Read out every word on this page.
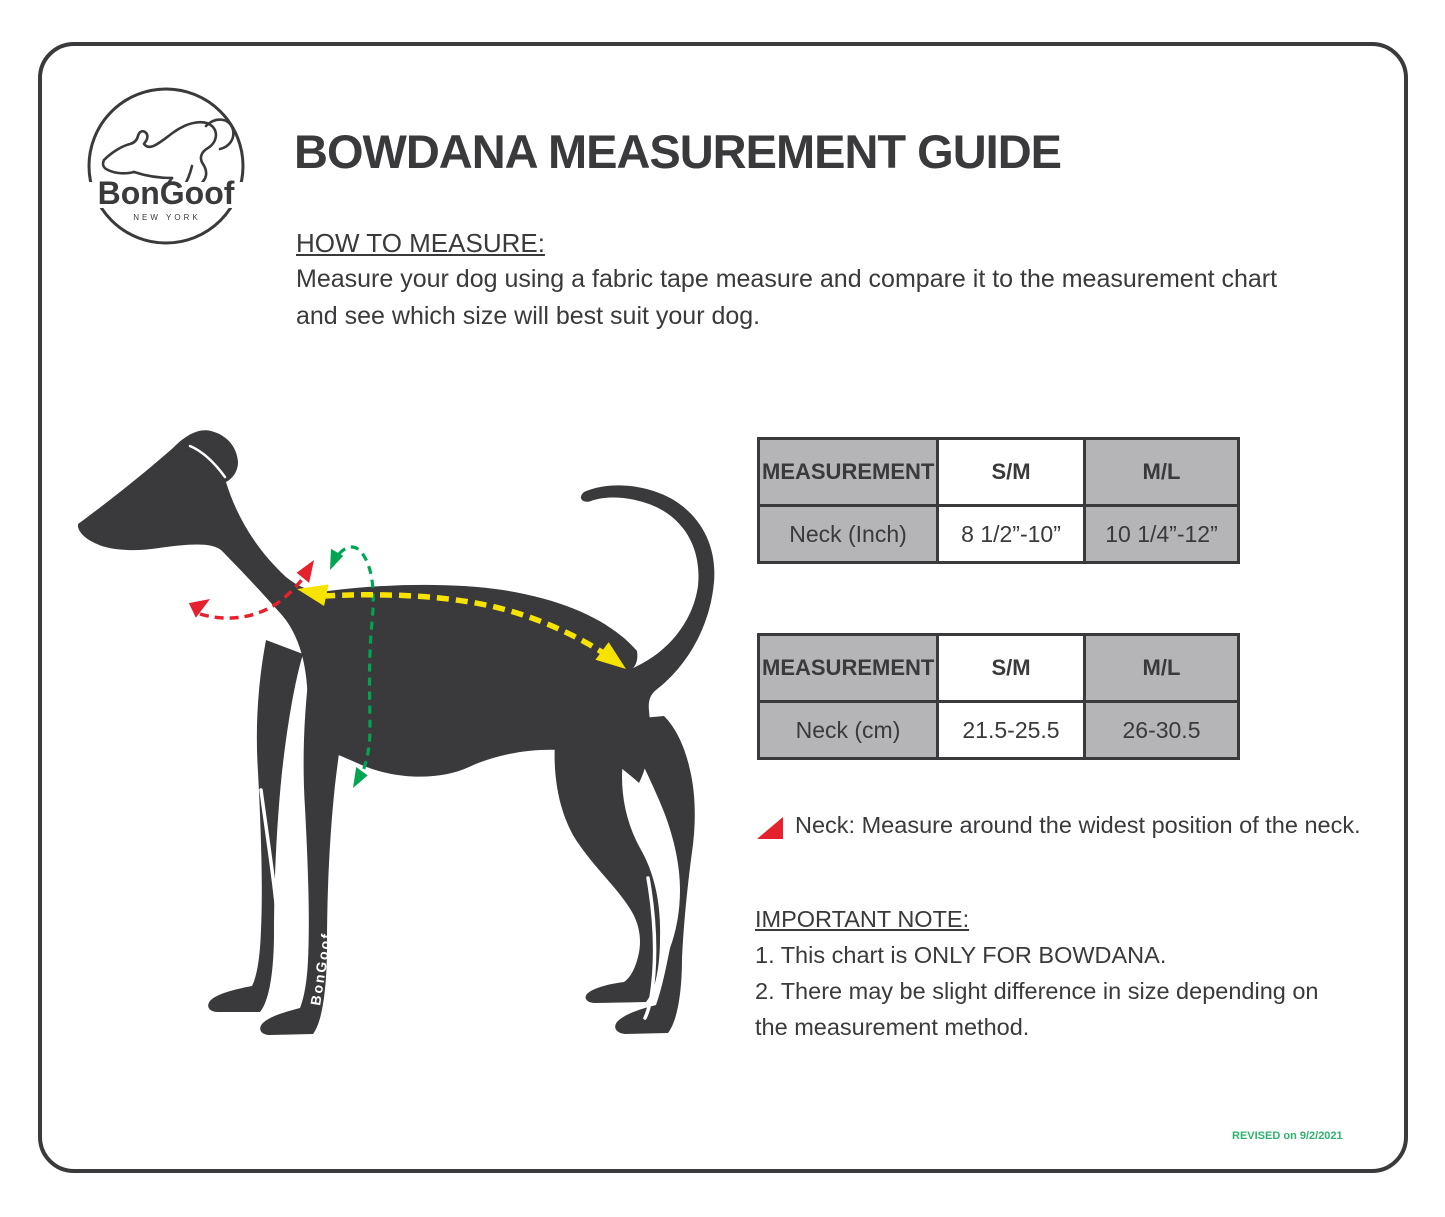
BonGoof
NEW YORK
BOWDANA MEASUREMENT GUIDE
HOW TO MEASURE:
Measure your dog using a fabric tape measure and compare it to the measurement chart
and see which size will best suit your dog.
BonGoof
MEASUREMENT	S/M	M/L
Neck (Inch)	8 1/2”-10”	10 1/4”-12”
MEASUREMENT	S/M	M/L
Neck (cm)	21.5-25.5	26-30.5
Neck: Measure around the widest position of the neck.
IMPORTANT NOTE:
1. This chart is ONLY FOR BOWDANA.
2. There may be slight difference in size depending on
the measurement method.
REVISED on 9/2/2021
